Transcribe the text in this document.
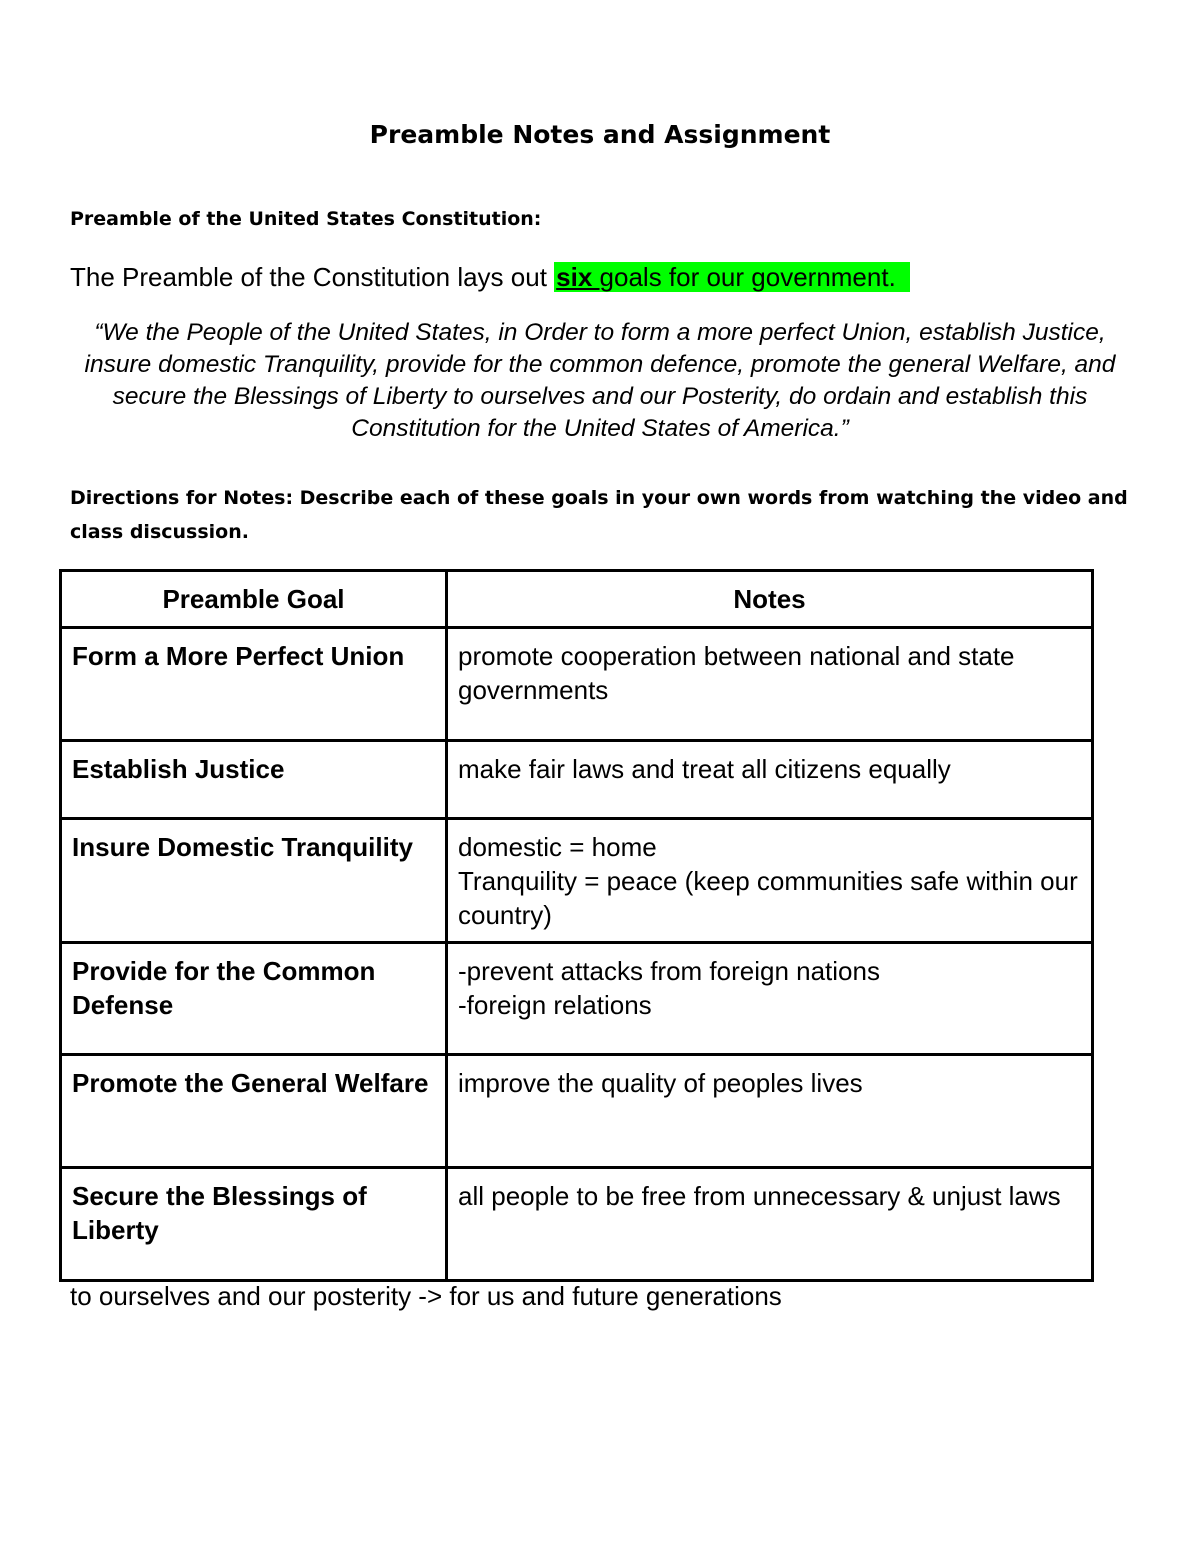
Preamble Notes and Assignment
Preamble of the United States Constitution:
The Preamble of the Constitution lays out six goals for our government.
“We the People of the United States, in Order to form a more perfect Union, establish Justice, insure domestic Tranquility, provide for the common defence, promote the general Welfare, and secure the Blessings of Liberty to ourselves and our Posterity, do ordain and establish this Constitution for the United States of America.”
Directions for Notes: Describe each of these goals in your own words from watching the video and class discussion.
Preamble Goal	Notes
Form a More Perfect Union	promote cooperation between national and state governments
Establish Justice	make fair laws and treat all citizens equally
Insure Domestic Tranquility	domestic = home
Tranquility = peace (keep communities safe within our country)
Provide for the Common Defense	-prevent attacks from foreign nations
-foreign relations
Promote the General Welfare	improve the quality of peoples lives
Secure the Blessings of Liberty	all people to be free from unnecessary & unjust laws
to ourselves and our posterity -> for us and future generations
